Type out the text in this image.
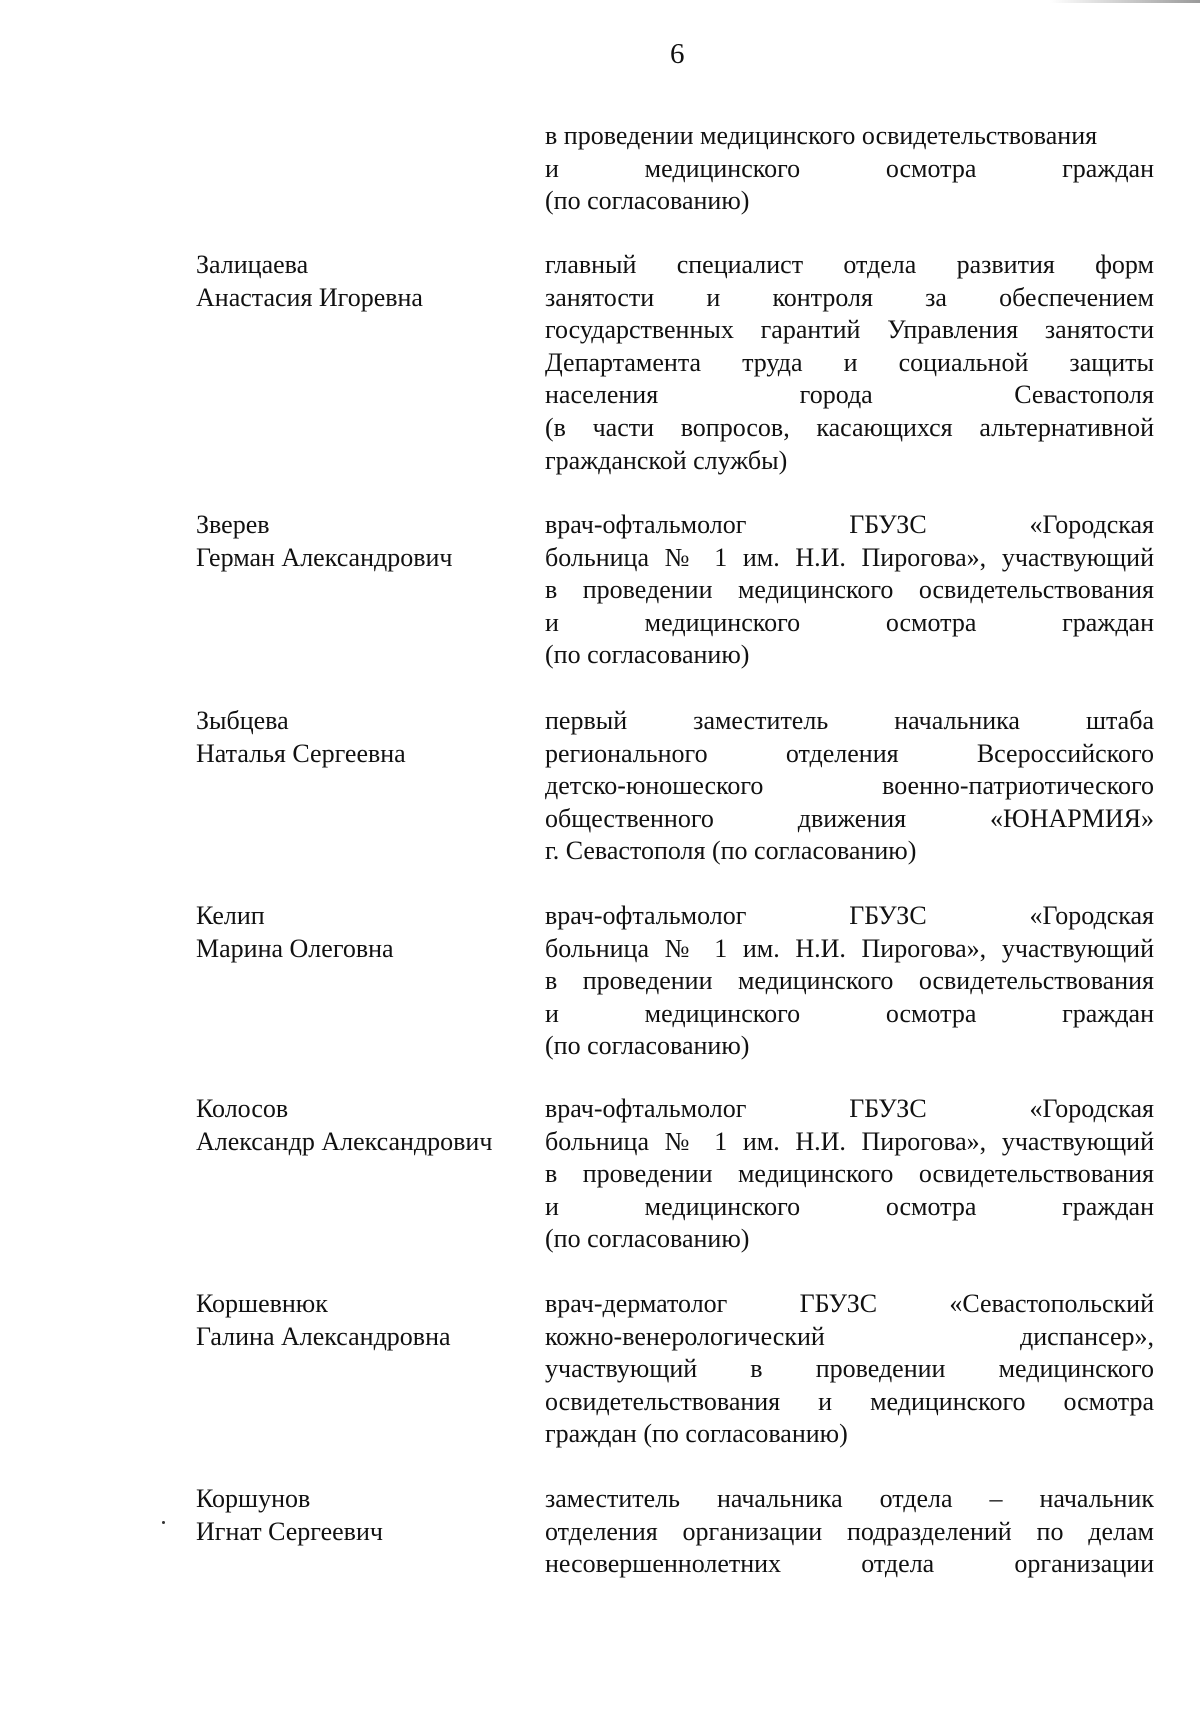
6
в проведении медицинского освидетельствования
и медицинского осмотра граждан
(по согласованию)
Залицаева
Анастасия Игоревна
главный специалист отдела развития форм
занятости и контроля за обеспечением
государственных гарантий Управления занятости
Департамента труда и социальной защиты
населения города Севастополя
(в части вопросов, касающихся альтернативной
гражданской службы)
Зверев
Герман Александрович
врач-офтальмолог ГБУЗС «Городская
больница № 1 им. Н.И. Пирогова», участвующий
в проведении медицинского освидетельствования
и медицинского осмотра граждан
(по согласованию)
Зыбцева
Наталья Сергеевна
первый заместитель начальника штаба
регионального отделения Всероссийского
детско-юношеского военно-патриотического
общественного движения «ЮНАРМИЯ»
г. Севастополя (по согласованию)
Келип
Марина Олеговна
врач-офтальмолог ГБУЗС «Городская
больница № 1 им. Н.И. Пирогова», участвующий
в проведении медицинского освидетельствования
и медицинского осмотра граждан
(по согласованию)
Колосов
Александр Александрович
врач-офтальмолог ГБУЗС «Городская
больница № 1 им. Н.И. Пирогова», участвующий
в проведении медицинского освидетельствования
и медицинского осмотра граждан
(по согласованию)
Коршевнюк
Галина Александровна
врач-дерматолог ГБУЗС «Севастопольский
кожно-венерологический диспансер»,
участвующий в проведении медицинского
освидетельствования и медицинского осмотра
граждан (по согласованию)
Коршунов
Игнат Сергеевич
заместитель начальника отдела – начальник
отделения организации подразделений по делам
несовершеннолетних отдела организации
